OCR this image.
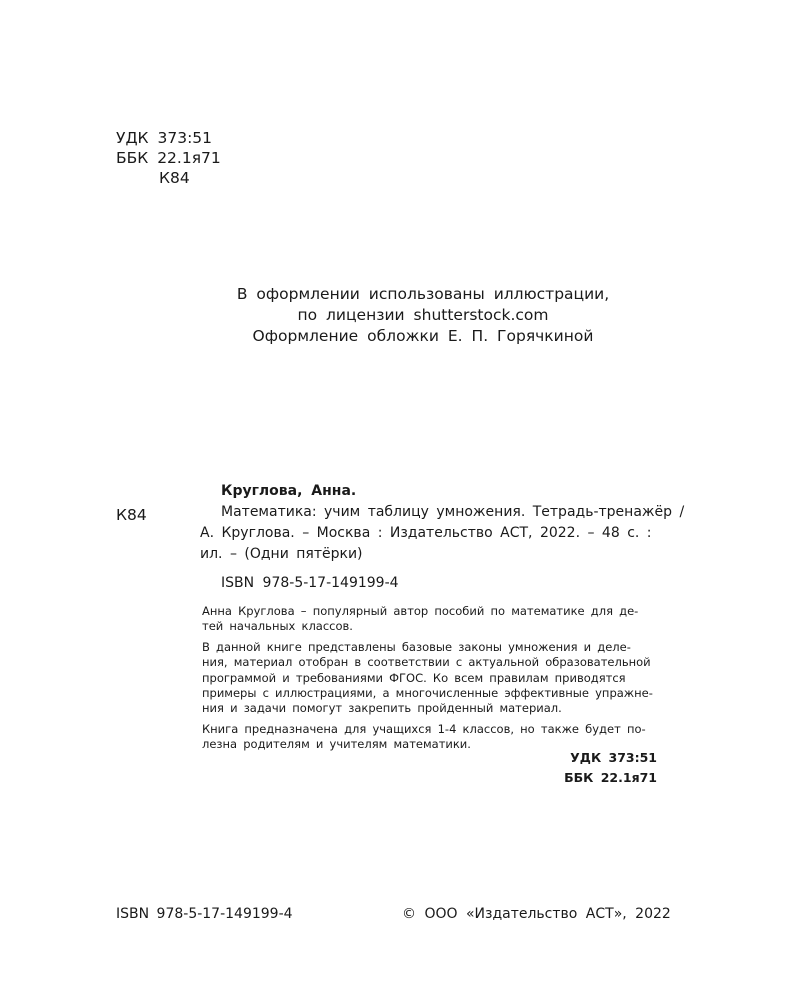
УДК 373:51
ББК 22.1я71
К84
В оформлении использованы иллюстрации,
по лицензии shutterstock.com
Оформление обложки Е. П. Горячкиной
Круглова, Анна.
К84	Математика: учим таблицу умножения. Тетрадь-тренажёр /
А. Круглова. – Москва : Издательство АСТ, 2022. – 48 с. :
ил. – (Одни пятёрки)
ISBN 978-5-17-149199-4
Анна Круглова – популярный автор пособий по математике для де-
тей начальных классов.
В данной книге представлены базовые законы умножения и деле-
ния, материал отобран в соответствии с актуальной образовательной
программой и требованиями ФГОС. Ко всем правилам приводятся
примеры с иллюстрациями, а многочисленные эффективные упражне-
ния и задачи помогут закрепить пройденный материал.
Книга предназначена для учащихся 1-4 классов, но также будет по-
лезна родителям и учителям математики.
УДК 373:51
ББК 22.1я71
ISBN 978-5-17-149199-4	© ООО «Издательство АСТ», 2022
